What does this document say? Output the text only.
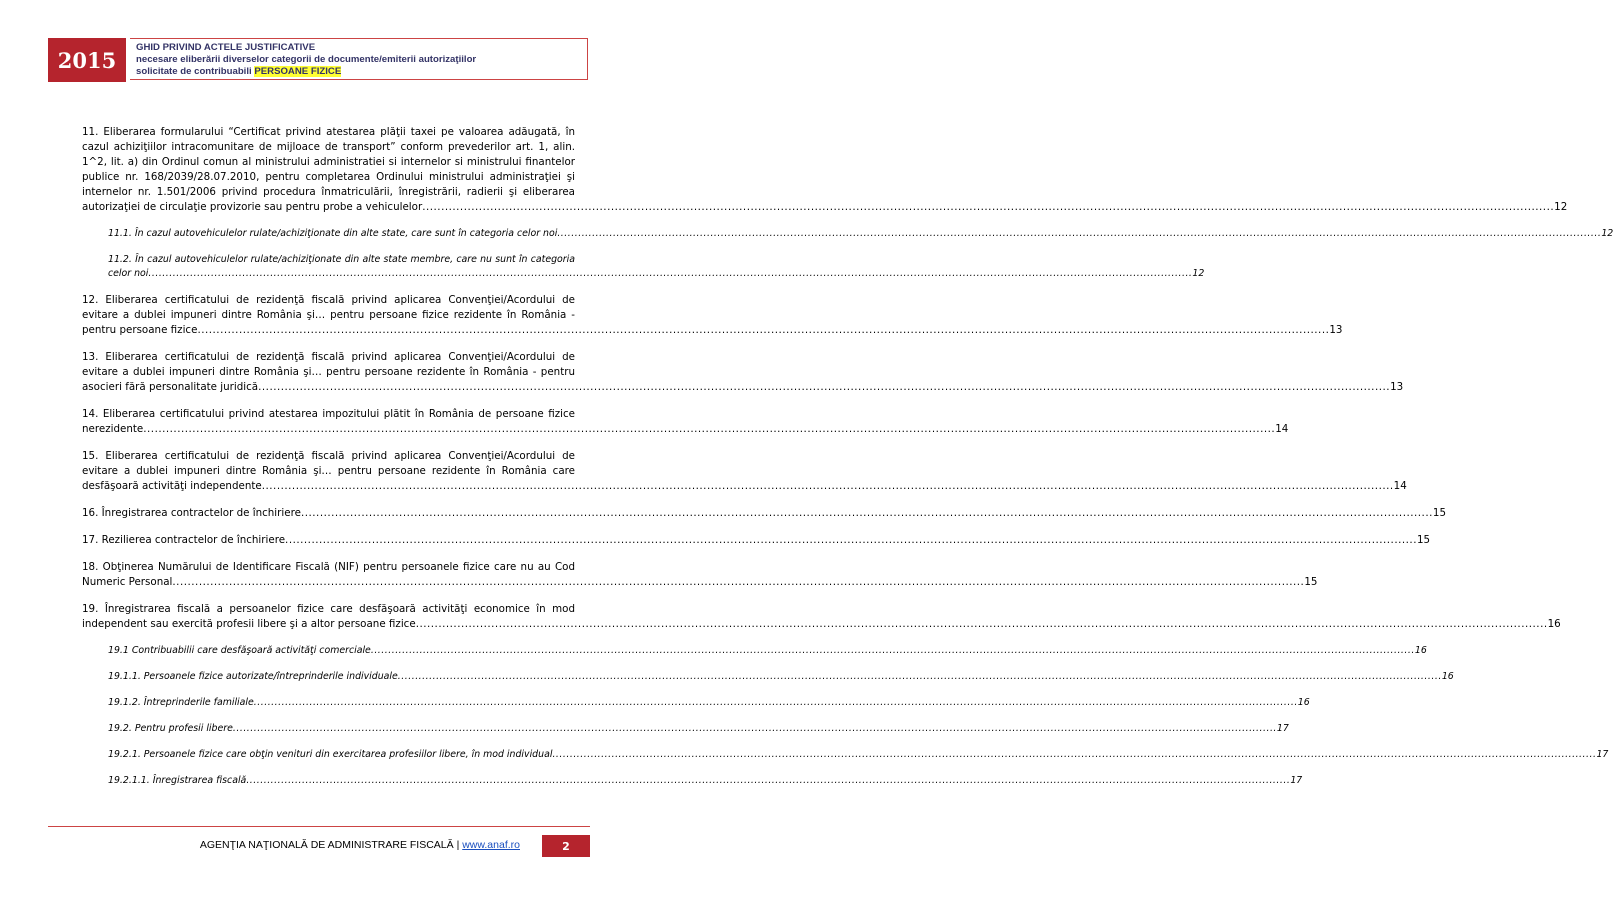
2015	GHID PRIVIND ACTELE JUSTIFICATIVE
necesare eliberării diverselor categorii de documente/emiterii autorizaţiilor
solicitate de contribuabili PERSOANE FIZICE
11. Eliberarea formularului “Certificat privind atestarea plăţii taxei pe valoarea adăugată, în cazul achiziţiilor intracomunitare de mijloace de transport” conform prevederilor art. 1, alin. 1^2, lit. a) din Ordinul comun al ministrului administratiei si internelor si ministrului finantelor publice nr. 168/2039/28.07.2010, pentru completarea Ordinului ministrului administraţiei şi internelor nr. 1.501/2006 privind procedura înmatriculării, înregistrării, radierii şi eliberarea
autorizaţiei de circulaţie provizorie sau pentru probe a vehiculelor ............................................................................................................................................................................................................................................................................................................ 12
11.1. În cazul autovehiculelor rulate/achiziţionate din alte state, care sunt în categoria celor noi ............................................................................................................................................................................................................................................................................................................ 12
11.2. În cazul autovehiculelor rulate/achiziţionate din alte state membre, care nu sunt în categoria
celor noi ............................................................................................................................................................................................................................................................................................................ 12
12. Eliberarea certificatului de rezidenţă fiscală privind aplicarea Convenţiei/Acordului de evitare a dublei impuneri dintre România şi… pentru persoane fizice rezidente în România -
pentru persoane fizice ............................................................................................................................................................................................................................................................................................................ 13
13. Eliberarea certificatului de rezidenţă fiscală privind aplicarea Convenţiei/Acordului de evitare a dublei impuneri dintre România şi… pentru persoane rezidente în România - pentru
asocieri fără personalitate juridică ............................................................................................................................................................................................................................................................................................................ 13
14. Eliberarea certificatului privind atestarea impozitului plătit în România de persoane fizice
nerezidente ............................................................................................................................................................................................................................................................................................................ 14
15. Eliberarea certificatului de rezidenţă fiscală privind aplicarea Convenţiei/Acordului de evitare a dublei impuneri dintre România şi… pentru persoane rezidente în România care
desfăşoară activităţi independente ............................................................................................................................................................................................................................................................................................................ 14
16. Înregistrarea contractelor de închiriere ............................................................................................................................................................................................................................................................................................................ 15
17. Rezilierea contractelor de închiriere ............................................................................................................................................................................................................................................................................................................ 15
18. Obţinerea Numărului de Identificare Fiscală (NIF) pentru persoanele fizice care nu au Cod
Numeric Personal ............................................................................................................................................................................................................................................................................................................ 15
19. Înregistrarea fiscală a persoanelor fizice care desfăşoară activităţi economice în mod
independent sau exercită profesii libere şi a altor persoane fizice ............................................................................................................................................................................................................................................................................................................ 16
19.1 Contribuabilii care desfăşoară activităţi comerciale ............................................................................................................................................................................................................................................................................................................ 16
19.1.1. Persoanele fizice autorizate/întreprinderile individuale ............................................................................................................................................................................................................................................................................................................ 16
19.1.2. Întreprinderile familiale ............................................................................................................................................................................................................................................................................................................ 16
19.2. Pentru profesii libere ............................................................................................................................................................................................................................................................................................................ 17
19.2.1. Persoanele fizice care obţin venituri din exercitarea profesiilor libere, în mod individual ............................................................................................................................................................................................................................................................................................................ 17
19.2.1.1. Înregistrarea fiscală ............................................................................................................................................................................................................................................................................................................ 17
AGENŢIA NAŢIONALĂ DE ADMINISTRARE FISCALĂ | www.anaf.ro	2
